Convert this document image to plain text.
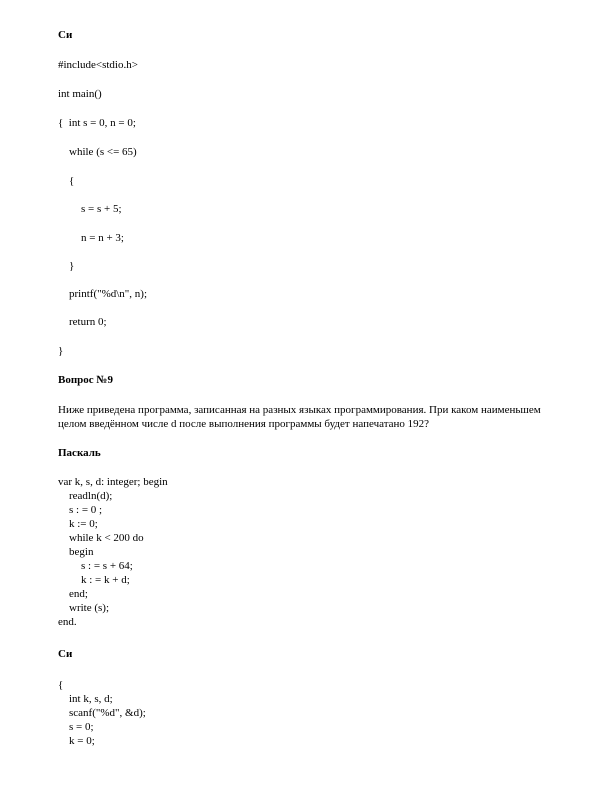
Си
#include<stdio.h>
int main()
{  int s = 0, n = 0;
while (s <= 65)
{
s = s + 5;
n = n + 3;
}
printf("%d\n", n);
return 0;
}
Вопрос №9
Ниже приведена программа, записанная на разных языках программирования. При каком наименьшем целом введённом числе d после выполнения программы будет напечатано 192?
Паскаль
var k, s, d: integer; begin
readln(d);
s : = 0 ;
k := 0;
while k < 200 do
begin
s : = s + 64;
k : = k + d;
end;
write (s);
end.
Си
{
int k, s, d;
scanf("%d", &d);
s = 0;
k = 0;
